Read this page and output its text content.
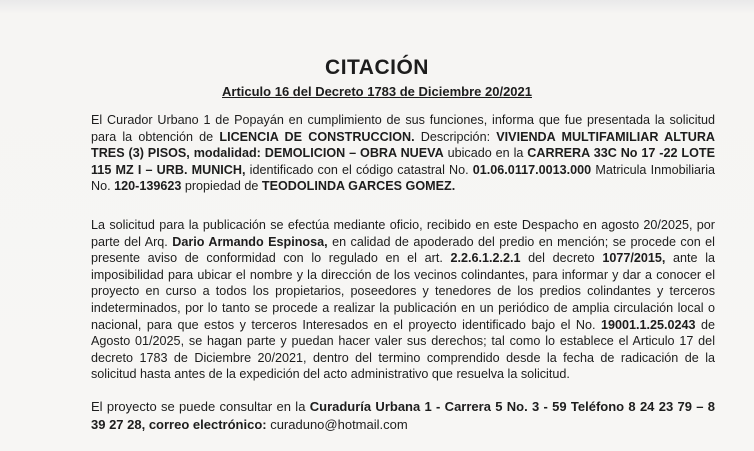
CITACIÓN
Articulo 16 del Decreto 1783 de Diciembre 20/2021

El Curador Urbano 1 de Popayán en cumplimiento de sus funciones, informa que fue presentada la solicitud para la obtención de LICENCIA DE CONSTRUCCION. Descripción: VIVIENDA MULTIFAMILIAR ALTURA TRES (3) PISOS, modalidad: DEMOLICION – OBRA NUEVA ubicado en la CARRERA 33C No 17 -22 LOTE 115 MZ I – URB. MUNICH, identificado con el código catastral No. 01.06.0117.0013.000 Matricula Inmobiliaria No. 120-139623 propiedad de TEODOLINDA GARCES GOMEZ.

La solicitud para la publicación se efectúa mediante oficio, recibido en este Despacho en agosto 20/2025, por parte del Arq. Dario Armando Espinosa, en calidad de apoderado del predio en mención; se procede con el presente aviso de conformidad con lo regulado en el art. 2.2.6.1.2.2.1 del decreto 1077/2015, ante la imposibilidad para ubicar el nombre y la dirección de los vecinos colindantes, para informar y dar a conocer el proyecto en curso a todos los propietarios, poseedores y tenedores de los predios colindantes y terceros indeterminados, por lo tanto se procede a realizar la publicación en un periódico de amplia circulación local o nacional, para que estos y terceros Interesados en el proyecto identificado bajo el No. 19001.1.25.0243 de Agosto 01/2025, se hagan parte y puedan hacer valer sus derechos; tal como lo establece el Articulo 17 del decreto 1783 de Diciembre 20/2021, dentro del termino comprendido desde la fecha de radicación de la solicitud hasta antes de la expedición del acto administrativo que resuelva la solicitud.

El proyecto se puede consultar en la Curaduría Urbana 1 - Carrera 5 No. 3 - 59 Teléfono 8 24 23 79 – 8 39 27 28, correo electrónico: curaduno@hotmail.com
